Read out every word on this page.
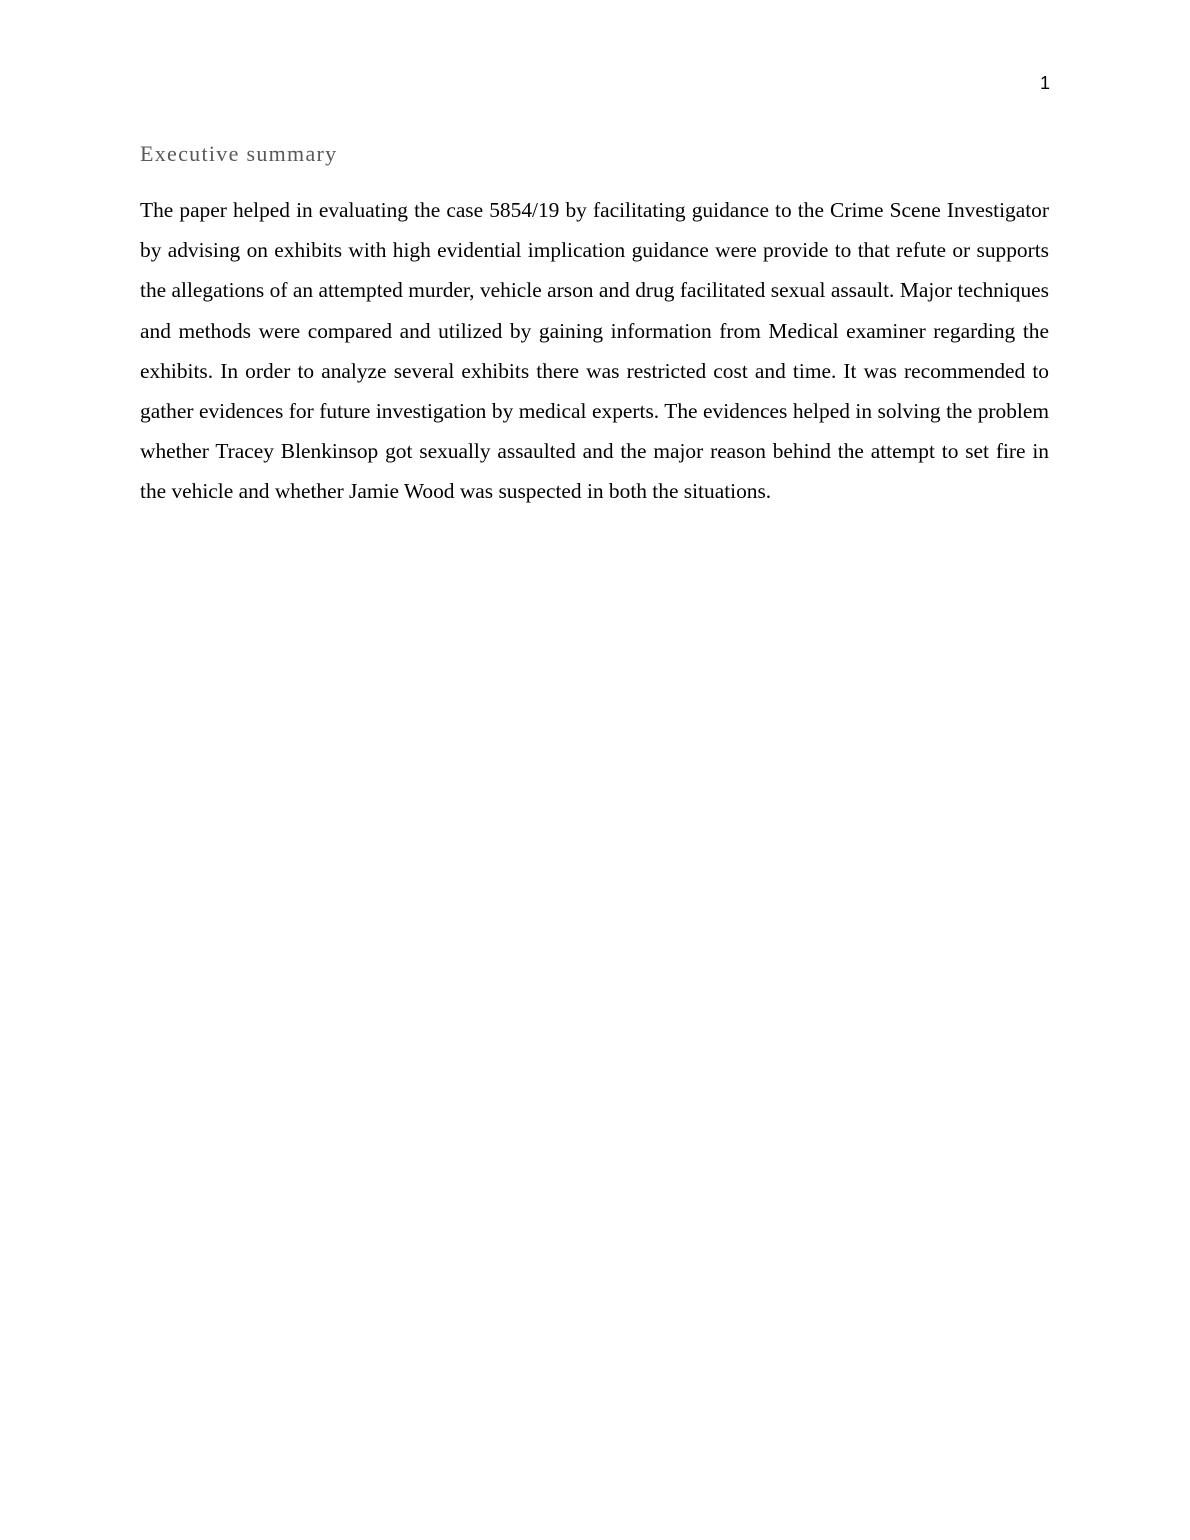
1
Executive summary

The paper helped in evaluating the case 5854/19 by facilitating guidance to the Crime Scene Investigator by advising on exhibits with high evidential implication guidance were provide to that refute or supports the allegations of an attempted murder, vehicle arson and drug facilitated sexual assault. Major techniques and methods were compared and utilized by gaining information from Medical examiner regarding the exhibits. In order to analyze several exhibits there was restricted cost and time. It was recommended to gather evidences for future investigation by medical experts. The evidences helped in solving the problem whether Tracey Blenkinsop got sexually assaulted and the major reason behind the attempt to set fire in the vehicle and whether Jamie Wood was suspected in both the situations.
